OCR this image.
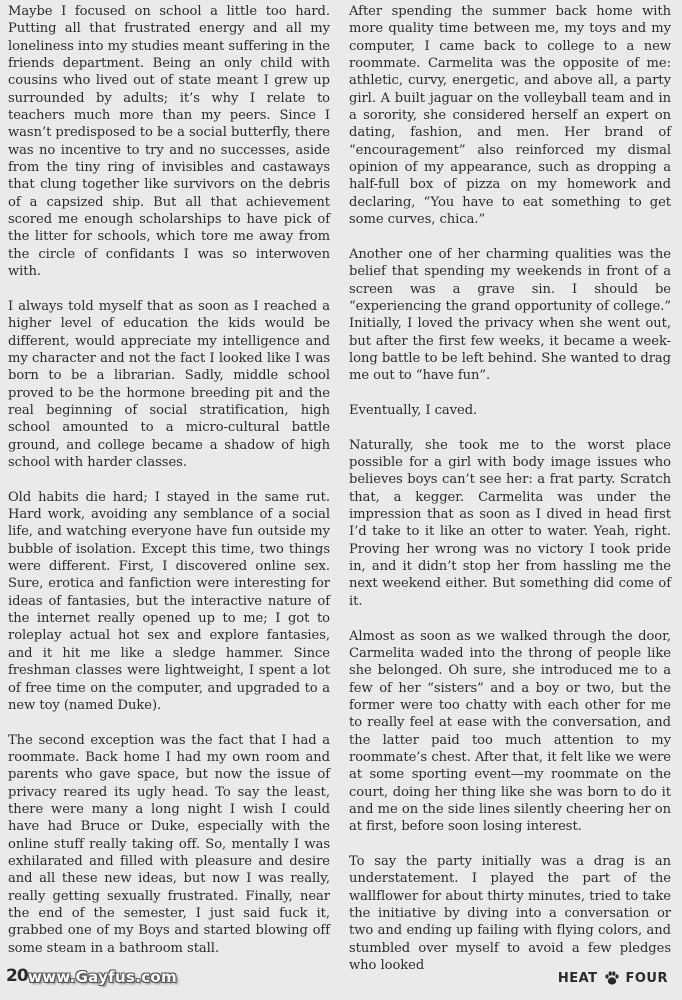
Maybe I focused on school a little too hard. Putting all that frustrated energy and all my loneliness into my studies meant suffering in the friends department. Being an only child with cousins who lived out of state meant I grew up surrounded by adults; it’s why I relate to teachers much more than my peers. Since I wasn’t predisposed to be a social butterfly, there was no incentive to try and no successes, aside from the tiny ring of invisibles and castaways that clung together like survivors on the debris of a capsized ship. But all that achievement scored me enough scholarships to have pick of the litter for schools, which tore me away from the circle of confidants I was so interwoven with.

I always told myself that as soon as I reached a higher level of education the kids would be different, would appreciate my intelligence and my character and not the fact I looked like I was born to be a librarian. Sadly, middle school proved to be the hormone breeding pit and the real beginning of social stratification, high school amounted to a micro-cultural battle ground, and college became a shadow of high school with harder classes.

Old habits die hard; I stayed in the same rut. Hard work, avoiding any semblance of a social life, and watching everyone have fun outside my bubble of isolation. Except this time, two things were different. First, I discovered online sex. Sure, erotica and fanfiction were interesting for ideas of fantasies, but the interactive nature of the internet really opened up to me; I got to roleplay actual hot sex and explore fantasies, and it hit me like a sledge hammer. Since freshman classes were lightweight, I spent a lot of free time on the computer, and upgraded to a new toy (named Duke).

The second exception was the fact that I had a roommate. Back home I had my own room and parents who gave space, but now the issue of privacy reared its ugly head. To say the least, there were many a long night I wish I could have had Bruce or Duke, especially with the online stuff really taking off. So, mentally I was exhilarated and filled with pleasure and desire and all these new ideas, but now I was really, really getting sexually frustrated. Finally, near the end of the semester, I just said fuck it, grabbed one of my Boys and started blowing off some steam in a bathroom stall.

After spending the summer back home with more quality time between me, my toys and my computer, I came back to college to a new roommate. Carmelita was the opposite of me: athletic, curvy, energetic, and above all, a party girl. A built jaguar on the volleyball team and in a sorority, she considered herself an expert on dating, fashion, and men. Her brand of “encouragement” also reinforced my dismal opinion of my appearance, such as dropping a half-full box of pizza on my homework and declaring, “You have to eat something to get some curves, chica.”

Another one of her charming qualities was the belief that spending my weekends in front of a screen was a grave sin. I should be “experiencing the grand opportunity of college.” Initially, I loved the privacy when she went out, but after the first few weeks, it became a week-long battle to be left behind. She wanted to drag me out to “have fun”.

Eventually, I caved.

Naturally, she took me to the worst place possible for a girl with body image issues who believes boys can’t see her: a frat party. Scratch that, a kegger. Carmelita was under the impression that as soon as I dived in head first I’d take to it like an otter to water. Yeah, right. Proving her wrong was no victory I took pride in, and it didn’t stop her from hassling me the next weekend either. But something did come of it.

Almost as soon as we walked through the door, Carmelita waded into the throng of people like she belonged. Oh sure, she introduced me to a few of her “sisters” and a boy or two, but the former were too chatty with each other for me to really feel at ease with the conversation, and the latter paid too much attention to my roommate’s chest. After that, it felt like we were at some sporting event—my roommate on the court, doing her thing like she was born to do it and me on the side lines silently cheering her on at first, before soon losing interest.

To say the party initially was a drag is an understatement. I played the part of the wallflower for about thirty minutes, tried to take the initiative by diving into a conversation or two and ending up failing with flying colors, and stumbled over myself to avoid a few pledges who looked

20 www.Gayfus.com	HEAT FOUR
